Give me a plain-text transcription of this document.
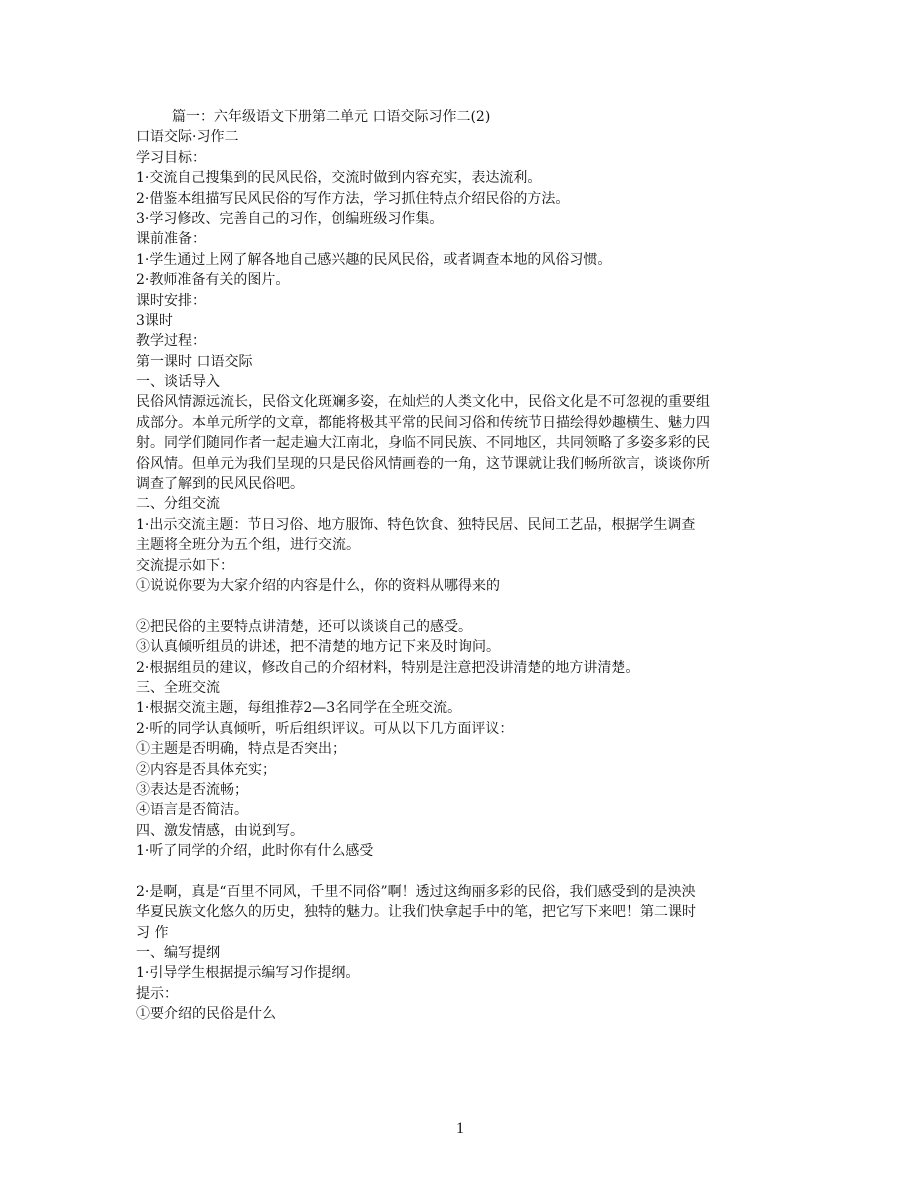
篇一：六年级语文下册第二单元 口语交际习作二(2)
口语交际·习作二
学习目标：
1·交流自己搜集到的民风民俗，交流时做到内容充实，表达流利。
2·借鉴本组描写民风民俗的写作方法，学习抓住特点介绍民俗的方法。
3·学习修改、完善自己的习作，创编班级习作集。
课前准备：
1·学生通过上网了解各地自己感兴趣的民风民俗，或者调查本地的风俗习惯。
2·教师准备有关的图片。
课时安排：
3课时
教学过程：
第一课时 口语交际
一、谈话导入
民俗风情源远流长，民俗文化斑斓多姿，在灿烂的人类文化中，民俗文化是不可忽视的重要组
成部分。本单元所学的文章，都能将极其平常的民间习俗和传统节日描绘得妙趣横生、魅力四
射。同学们随同作者一起走遍大江南北，身临不同民族、不同地区，共同领略了多姿多彩的民
俗风情。但单元为我们呈现的只是民俗风情画卷的一角，这节课就让我们畅所欲言，谈谈你所
调查了解到的民风民俗吧。
二、分组交流
1·出示交流主题：节日习俗、地方服饰、特色饮食、独特民居、民间工艺品，根据学生调查
主题将全班分为五个组，进行交流。
交流提示如下：
①说说你要为大家介绍的内容是什么，你的资料从哪得来的
②把民俗的主要特点讲清楚，还可以谈谈自己的感受。
③认真倾听组员的讲述，把不清楚的地方记下来及时询问。
2·根据组员的建议，修改自己的介绍材料，特别是注意把没讲清楚的地方讲清楚。
三、全班交流
1·根据交流主题，每组推荐2—3名同学在全班交流。
2·听的同学认真倾听，听后组织评议。可从以下几方面评议：
①主题是否明确，特点是否突出；
②内容是否具体充实；
③表达是否流畅；
④语言是否简洁。
四、激发情感，由说到写。
1·听了同学的介绍，此时你有什么感受
2·是啊，真是“百里不同风，千里不同俗”啊！透过这绚丽多彩的民俗，我们感受到的是泱泱
华夏民族文化悠久的历史，独特的魅力。让我们快拿起手中的笔，把它写下来吧！第二课时
习 作
一、编写提纲
1·引导学生根据提示编写习作提纲。
提示：
①要介绍的民俗是什么
1
